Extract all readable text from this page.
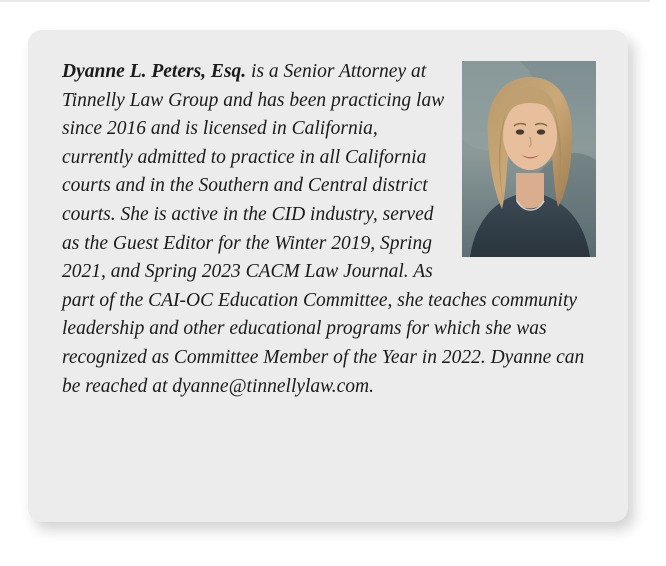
Dyanne L. Peters, Esq. is a Senior Attorney at Tinnelly Law Group and has been practicing law since 2016 and is licensed in California, currently admitted to practice in all California courts and in the Southern and Central district courts. She is active in the CID industry, served as the Guest Editor for the Winter 2019, Spring 2021, and Spring 2023 CACM Law Journal. As part of the CAI-OC Education Committee, she teaches community leadership and other educational programs for which she was recognized as Committee Member of the Year in 2022. Dyanne can be reached at dyanne@tinnellylaw.com.
